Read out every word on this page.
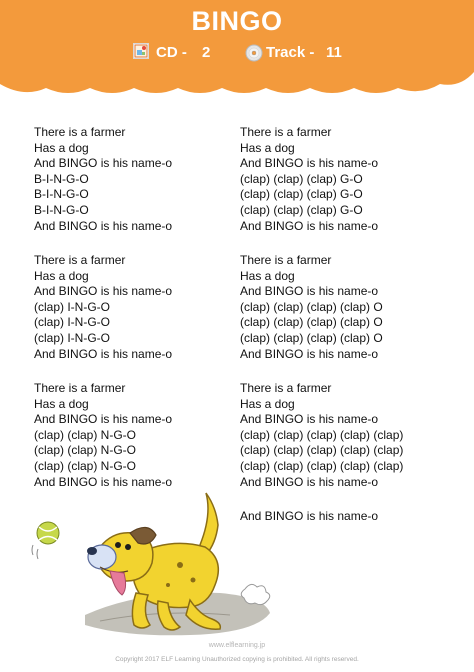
BINGO
CD - 2	Track - 11
There is a farmer
Has a dog
And BINGO is his name-o
B-I-N-G-O
B-I-N-G-O
B-I-N-G-O
And BINGO is his name-o
There is a farmer
Has a dog
And BINGO is his name-o
(clap) I-N-G-O
(clap) I-N-G-O
(clap) I-N-G-O
And BINGO is his name-o
There is a farmer
Has a dog
And BINGO is his name-o
(clap) (clap) N-G-O
(clap) (clap) N-G-O
(clap) (clap) N-G-O
And BINGO is his name-o
There is a farmer
Has a dog
And BINGO is his name-o
(clap) (clap) (clap) G-O
(clap) (clap) (clap) G-O
(clap) (clap) (clap) G-O
And BINGO is his name-o
There is a farmer
Has a dog
And BINGO is his name-o
(clap) (clap) (clap) (clap) O
(clap) (clap) (clap) (clap) O
(clap) (clap) (clap) (clap) O
And BINGO is his name-o
There is a farmer
Has a dog
And BINGO is his name-o
(clap) (clap) (clap) (clap) (clap)
(clap) (clap) (clap) (clap) (clap)
(clap) (clap) (clap) (clap) (clap)
And BINGO is his name-o
And BINGO is his name-o
www.elflearning.jp
Copyright 2017 ELF Learning Unauthorized copying is prohibited. All rights reserved.
